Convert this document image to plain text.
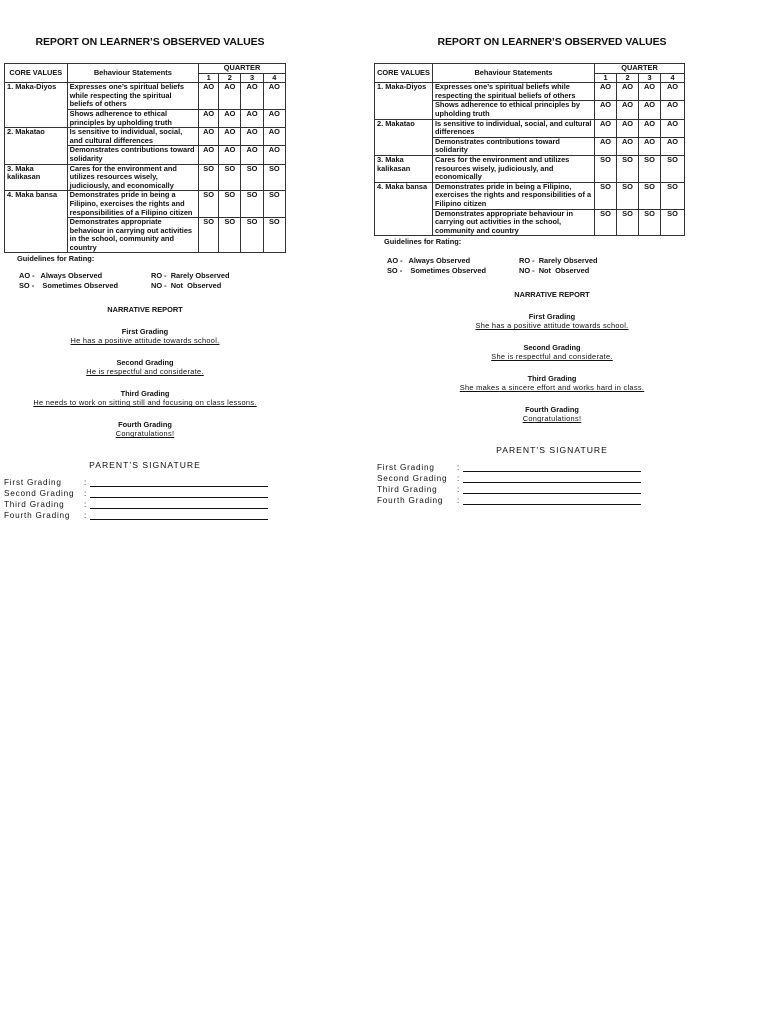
REPORT ON LEARNER’S OBSERVED VALUES
CORE VALUES	Behaviour Statements	QUARTER			
		1	2	3	4
1. Maka-Diyos	Expresses one’s spiritual beliefs while respecting the spiritual beliefs of others	AO	AO	AO	AO
	Shows adherence to ethical principles by upholding truth	AO	AO	AO	AO
2. Makatao	Is sensitive to individual, social, and cultural differences	AO	AO	AO	AO
	Demonstrates contributions toward solidarity	AO	AO	AO	AO
3. Maka kalikasan	Cares for the environment and utilizes resources wisely, judiciously, and economically	SO	SO	SO	SO
4. Maka bansa	Demonstrates pride in being a Filipino, exercises the rights and responsibilities of a Filipino citizen	SO	SO	SO	SO
	Demonstrates appropriate behaviour in carrying out activities in the school, community and country	SO	SO	SO	SO
Guidelines for Rating:
AO -   Always Observed	RO -  Rarely Observed
SO -    Sometimes Observed	NO -  Not  Observed
NARRATIVE REPORT
First Grading
He has a positive attitude towards school.
Second Grading
He is respectful and considerate.
Third Grading
He needs to work on sitting still and focusing on class lessons.
Fourth Grading
Congratulations!
PARENT’S SIGNATURE
First Grading	:
Second Grading	:
Third Grading	:
Fourth Grading	:
REPORT ON LEARNER’S OBSERVED VALUES
CORE VALUES	Behaviour Statements	QUARTER			
		1	2	3	4
1. Maka-Diyos	Expresses one’s spiritual beliefs while respecting the spiritual beliefs of others	AO	AO	AO	AO
	Shows adherence to ethical principles by upholding truth	AO	AO	AO	AO
2. Makatao	Is sensitive to individual, social, and cultural differences	AO	AO	AO	AO
	Demonstrates contributions toward solidarity	AO	AO	AO	AO
3. Maka kalikasan	Cares for the environment and utilizes resources wisely, judiciously, and economically	SO	SO	SO	SO
4. Maka bansa	Demonstrates pride in being a Filipino, exercises the rights and responsibilities of a Filipino citizen	SO	SO	SO	SO
	Demonstrates appropriate behaviour in carrying out activities in the school, community and country	SO	SO	SO	SO
Guidelines for Rating:
AO -   Always Observed	RO -  Rarely Observed
SO -    Sometimes Observed	NO -  Not  Observed
NARRATIVE REPORT
First Grading
She has a positive attitude towards school.
Second Grading
She is respectful and considerate.
Third Grading
She makes a sincere effort and works hard in class.
Fourth Grading
Congratulations!
PARENT’S SIGNATURE
First Grading	:
Second Grading	:
Third Grading	:
Fourth Grading	:
